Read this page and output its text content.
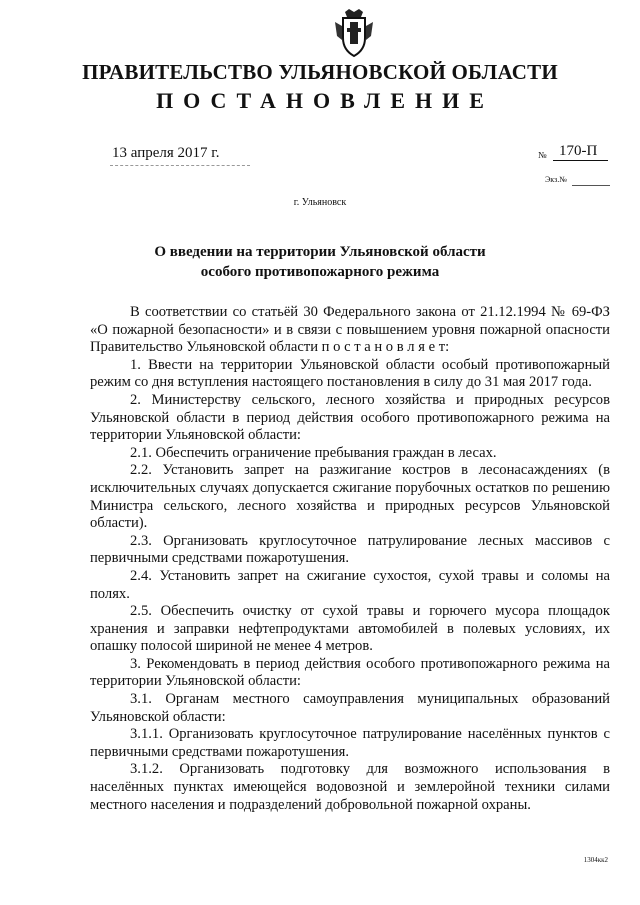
ПРАВИТЕЛЬСТВО УЛЬЯНОВСКОЙ ОБЛАСТИ
ПОСТАНОВЛЕНИЕ
13 апреля 2017 г.	№ 170-П
Экз.№
г. Ульяновск
О введении на территории Ульяновской области
особого противопожарного режима

В соответствии со статьёй 30 Федерального закона от 21.12.1994 № 69-ФЗ «О пожарной безопасности» и в связи с повышением уровня пожарной опасности Правительство Ульяновской области п о с т а н о в л я е т:

1. Ввести на территории Ульяновской области особый противопожарный режим со дня вступления настоящего постановления в силу до 31 мая 2017 года.

2. Министерству сельского, лесного хозяйства и природных ресурсов Ульяновской области в период действия особого противопожарного режима на территории Ульяновской области:

2.1. Обеспечить ограничение пребывания граждан в лесах.

2.2. Установить запрет на разжигание костров в лесонасаждениях (в исключительных случаях допускается сжигание порубочных остатков по решению Министра сельского, лесного хозяйства и природных ресурсов Ульяновской области).

2.3. Организовать круглосуточное патрулирование лесных массивов с первичными средствами пожаротушения.

2.4. Установить запрет на сжигание сухостоя, сухой травы и соломы на полях.

2.5. Обеспечить очистку от сухой травы и горючего мусора площадок хранения и заправки нефтепродуктами автомобилей в полевых условиях, их опашку полосой шириной не менее 4 метров.

3. Рекомендовать в период действия особого противопожарного режима на территории Ульяновской области:

3.1. Органам местного самоуправления муниципальных образований Ульяновской области:

3.1.1. Организовать круглосуточное патрулирование населённых пунктов с первичными средствами пожаротушения.

3.1.2. Организовать подготовку для возможного использования в населённых пунктах имеющейся водовозной и землеройной техники силами местного населения и подразделений добровольной пожарной охраны.

1304кк2
